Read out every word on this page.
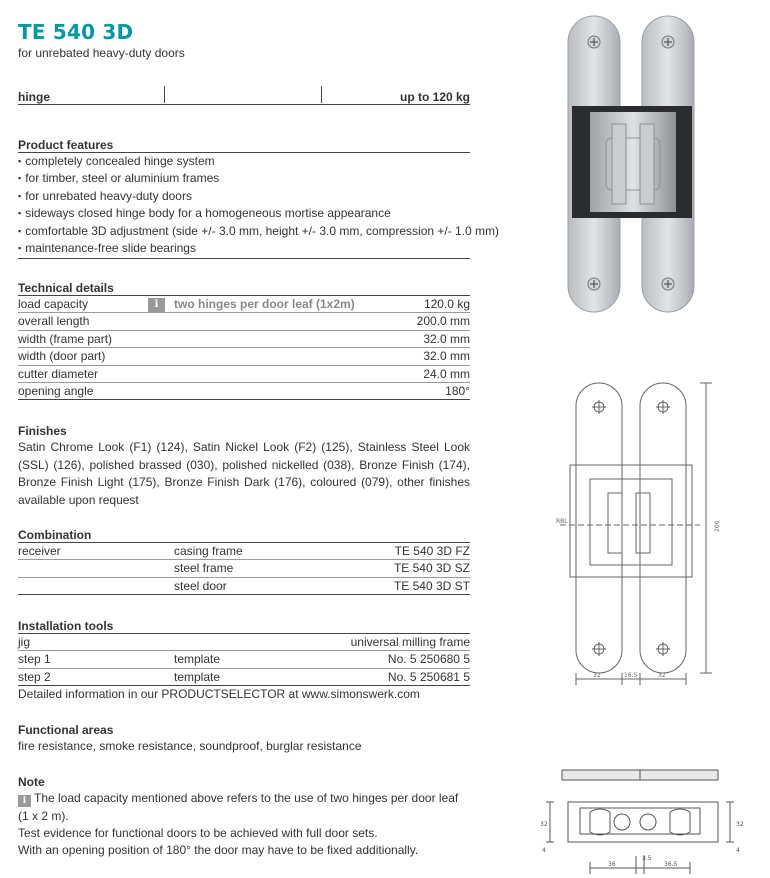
TE 540 3D
for unrebated heavy-duty doors
hinge	up to 120 kg
Product features
▪ completely concealed hinge system
▪ for timber, steel or aluminium frames
▪ for unrebated heavy-duty doors
▪ sideways closed hinge body for a homogeneous mortise appearance
▪ comfortable 3D adjustment (side +/- 3.0 mm, height +/- 3.0 mm, compression +/- 1.0 mm)
▪ maintenance-free slide bearings
Technical details
load capacity	i	two hinges per door leaf (1x2m)	120.0 kg
overall length	200.0 mm
width (frame part)	32.0 mm
width (door part)	32.0 mm
cutter diameter	24.0 mm
opening angle	180°
Finishes
Satin Chrome Look (F1) (124), Satin Nickel Look (F2) (125), Stainless Steel Look (SSL) (126), polished brassed (030), polished nickelled (038), Bronze Finish (174), Bronze Finish Light (175), Bronze Finish Dark (176), coloured (079), other finishes available upon request
Combination
receiver	casing frame	TE 540 3D FZ
steel frame	TE 540 3D SZ
steel door	TE 540 3D ST
Installation tools
jig	universal milling frame
step 1	template	No. 5 250680 5
step 2	template	No. 5 250681 5
Detailed information in our PRODUCTSELECTOR at www.simonswerk.com
Functional areas
fire resistance, smoke resistance, soundproof, burglar resistance
Note
i The load capacity mentioned above refers to the use of two hinges per door leaf (1 x 2 m).
Test evidence for functional doors to be achieved with full door sets.
With an opening position of 180° the door may have to be fixed additionally.
RBL	200
32	16.5	32
32
4
32
4
36
3.5
36.5
